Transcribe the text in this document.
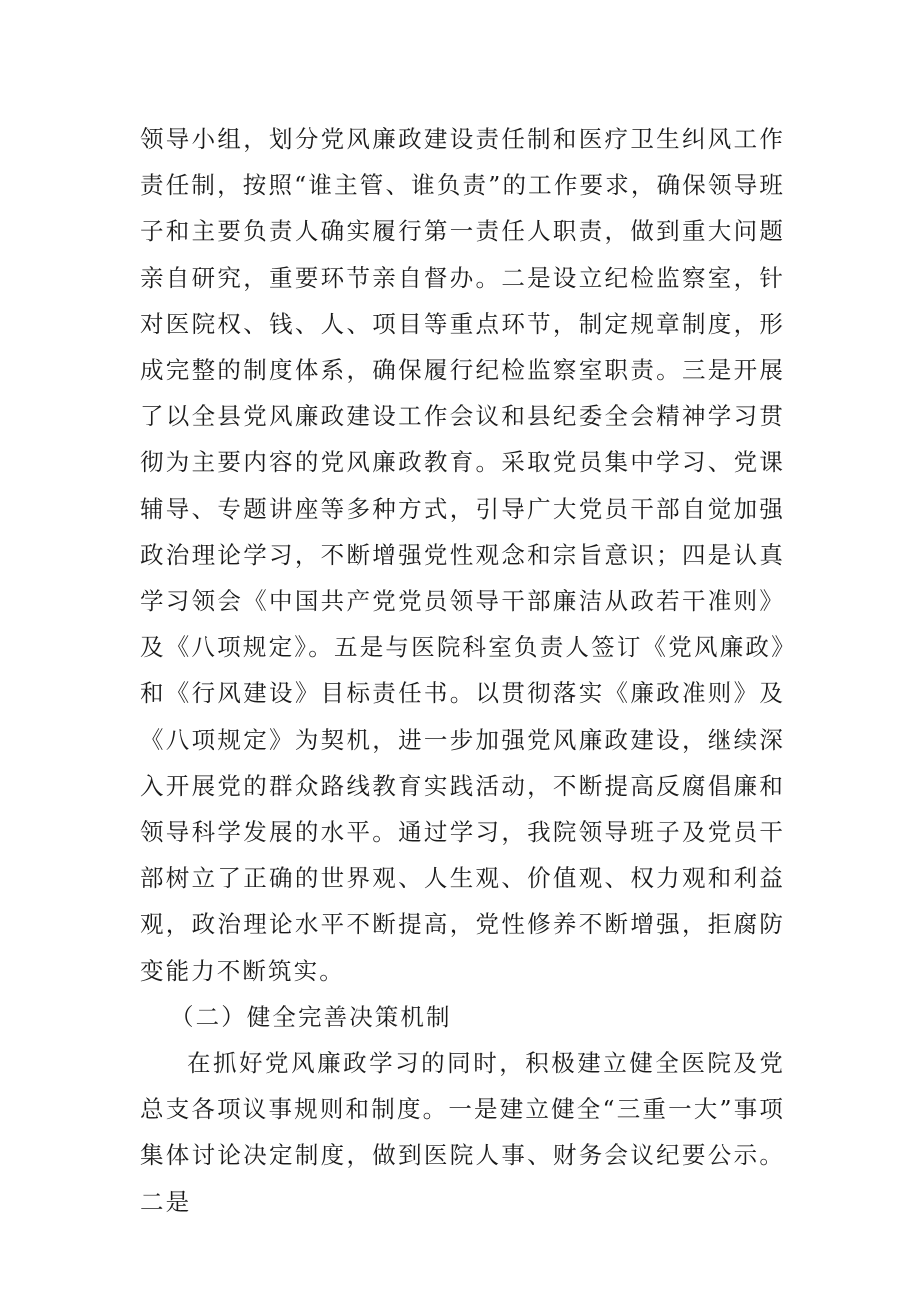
领导小组，划分党风廉政建设责任制和医疗卫生纠风工作责任制，按照“谁主管、谁负责”的工作要求，确保领导班子和主要负责人确实履行第一责任人职责，做到重大问题亲自研究，重要环节亲自督办。二是设立纪检监察室，针对医院权、钱、人、项目等重点环节，制定规章制度，形成完整的制度体系，确保履行纪检监察室职责。三是开展了以全县党风廉政建设工作会议和县纪委全会精神学习贯彻为主要内容的党风廉政教育。采取党员集中学习、党课辅导、专题讲座等多种方式，引导广大党员干部自觉加强政治理论学习，不断增强党性观念和宗旨意识；四是认真学习领会《中国共产党党员领导干部廉洁从政若干准则》及《八项规定》。五是与医院科室负责人签订《党风廉政》和《行风建设》目标责任书。以贯彻落实《廉政准则》及《八项规定》为契机，进一步加强党风廉政建设，继续深入开展党的群众路线教育实践活动，不断提高反腐倡廉和领导科学发展的水平。通过学习，我院领导班子及党员干部树立了正确的世界观、人生观、价值观、权力观和利益观，政治理论水平不断提高，党性修养不断增强，拒腐防变能力不断筑实。

（二）健全完善决策机制

在抓好党风廉政学习的同时，积极建立健全医院及党总支各项议事规则和制度。一是建立健全“三重一大”事项集体讨论决定制度，做到医院人事、财务会议纪要公示。二是
